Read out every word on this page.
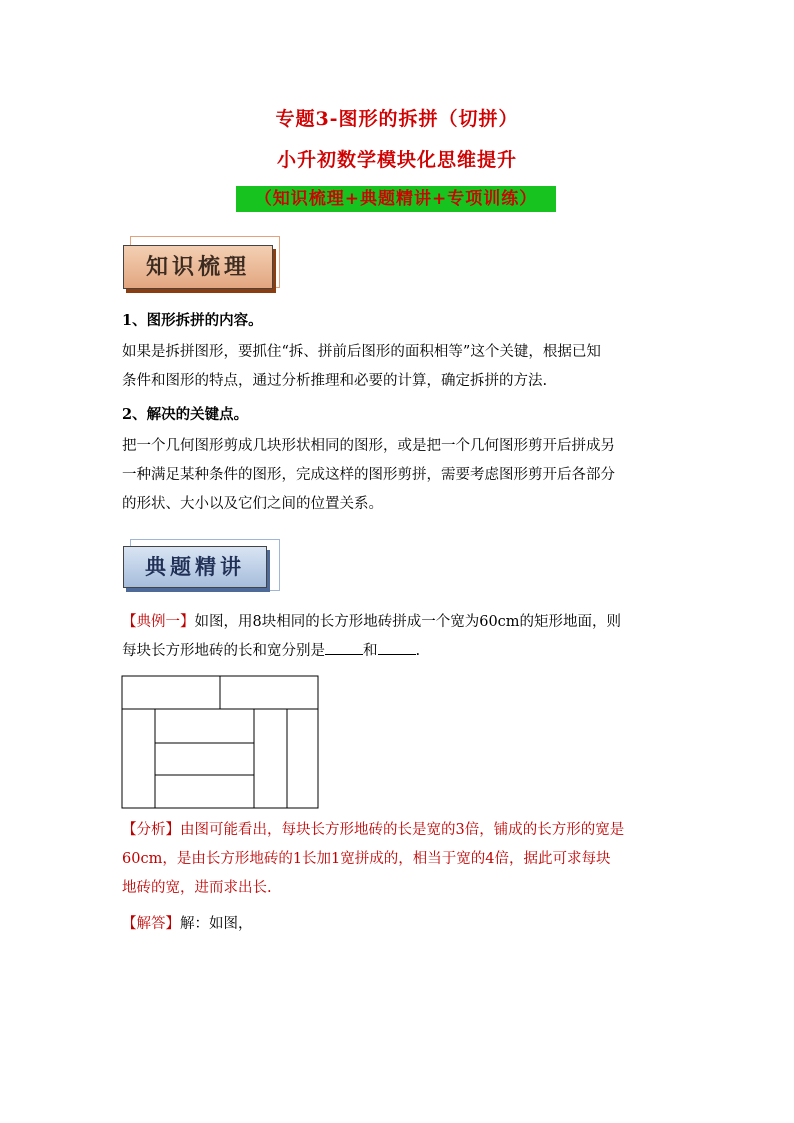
专题3-图形的拆拼（切拼）
小升初数学模块化思维提升
（知识梳理+典题精讲+专项训练）
知识梳理
1、图形拆拼的内容。
如果是拆拼图形，要抓住“拆、拼前后图形的面积相等”这个关键，根据已知
条件和图形的特点，通过分析推理和必要的计算，确定拆拼的方法.
2、解决的关键点。
把一个几何图形剪成几块形状相同的图形，或是把一个几何图形剪开后拼成另
一种满足某种条件的图形，完成这样的图形剪拼，需要考虑图形剪开后各部分
的形状、大小以及它们之间的位置关系。
典题精讲
【典例一】如图，用8块相同的长方形地砖拼成一个宽为60cm的矩形地面，则
每块长方形地砖的长和宽分别是	和	.
【分析】由图可能看出，每块长方形地砖的长是宽的3倍，铺成的长方形的宽是
60cm，是由长方形地砖的1长加1宽拼成的，相当于宽的4倍，据此可求每块
地砖的宽，进而求出长.
【解答】解：如图，
